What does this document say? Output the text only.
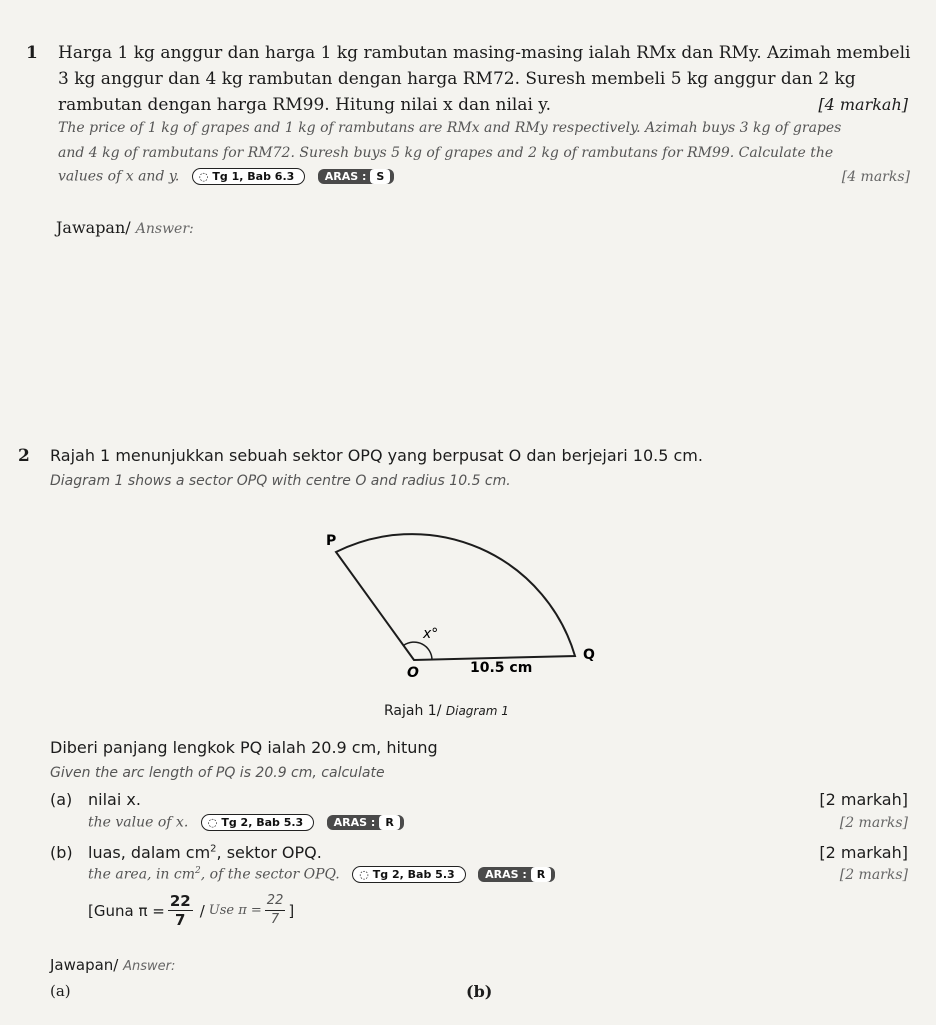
1 Harga 1 kg anggur dan harga 1 kg rambutan masing-masing ialah RMx dan RMy. Azimah membeli
3 kg anggur dan 4 kg rambutan dengan harga RM72. Suresh membeli 5 kg anggur dan 2 kg
rambutan dengan harga RM99. Hitung nilai x dan nilai y.	[4 markah]
The price of 1 kg of grapes and 1 kg of rambutans are RMx and RMy respectively. Azimah buys 3 kg of grapes
and 4 kg of rambutans for RM72. Suresh buys 5 kg of grapes and 2 kg of rambutans for RM99. Calculate the
values of x and y.	◌ Tg 1, Bab 6.3	ARAS : S	[4 marks]
Jawapan/ Answer:
2 Rajah 1 menunjukkan sebuah sektor OPQ yang berpusat O dan berjejari 10.5 cm.
Diagram 1 shows a sector OPQ with centre O and radius 10.5 cm.
P
O
Q
x°
10.5 cm
Rajah 1/ Diagram 1
Diberi panjang lengkok PQ ialah 20.9 cm, hitung
Given the arc length of PQ is 20.9 cm, calculate
(a) nilai x.	[2 markah]
the value of x.	◌ Tg 2, Bab 5.3	ARAS : R	[2 marks]
(b) luas, dalam $cm^2$, sektor OPQ.	[2 markah]
the area, in $cm^2$, of the sector OPQ.	◌ Tg 2, Bab 5.3	ARAS : R	[2 marks]
[Guna $\pi = \frac{22}{7}$ / Use $\pi = \frac{22}{7}$ ]
Jawapan/ Answer:
(a)	(b)
